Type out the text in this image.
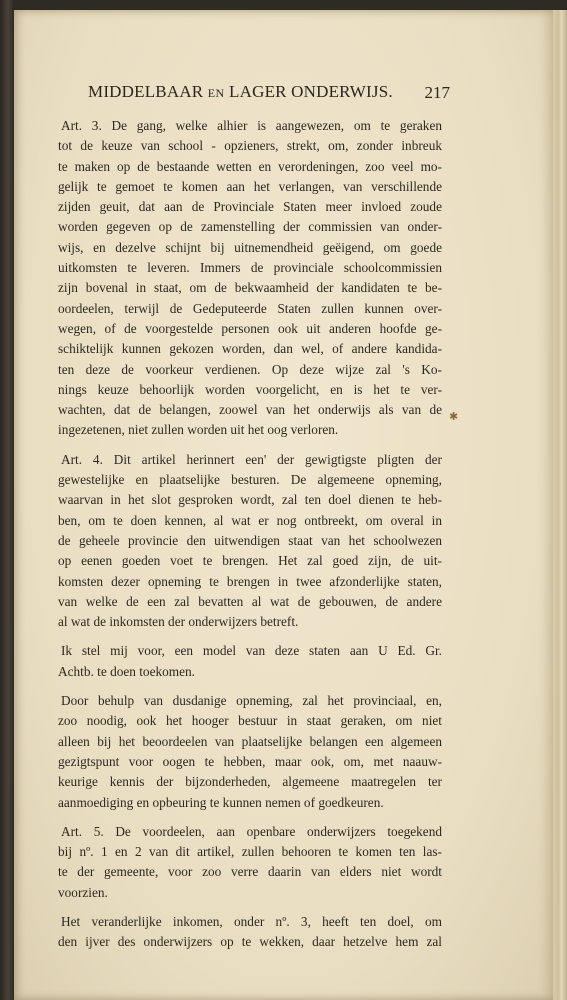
MIDDELBAAR EN LAGER ONDERWIJS. 217
✱
Art. 3. De gang, welke alhier is aangewezen, om te geraken
tot de keuze van school - opzieners, strekt, om, zonder inbreuk
te maken op de bestaande wetten en verordeningen, zoo veel mo-
gelijk te gemoet te komen aan het verlangen, van verschillende
zijden geuit, dat aan de Provinciale Staten meer invloed zoude
worden gegeven op de zamenstelling der commissien van onder-
wijs, en dezelve schijnt bij uitnemendheid geëigend, om goede
uitkomsten te leveren. Immers de provinciale schoolcommissien
zijn bovenal in staat, om de bekwaamheid der kandidaten te be-
oordeelen, terwijl de Gedeputeerde Staten zullen kunnen over-
wegen, of de voorgestelde personen ook uit anderen hoofde ge-
schiktelijk kunnen gekozen worden, dan wel, of andere kandida-
ten deze de voorkeur verdienen. Op deze wijze zal 's Ko-
nings keuze behoorlijk worden voorgelicht, en is het te ver-
wachten, dat de belangen, zoowel van het onderwijs als van de
ingezetenen, niet zullen worden uit het oog verloren.
Art. 4. Dit artikel herinnert een' der gewigtigste pligten der
gewestelijke en plaatselijke besturen. De algemeene opneming,
waarvan in het slot gesproken wordt, zal ten doel dienen te heb-
ben, om te doen kennen, al wat er nog ontbreekt, om overal in
de geheele provincie den uitwendigen staat van het schoolwezen
op eenen goeden voet te brengen. Het zal goed zijn, de uit-
komsten dezer opneming te brengen in twee afzonderlijke staten,
van welke de een zal bevatten al wat de gebouwen, de andere
al wat de inkomsten der onderwijzers betreft.
Ik stel mij voor, een model van deze staten aan U Ed. Gr.
Achtb. te doen toekomen.
Door behulp van dusdanige opneming, zal het provinciaal, en,
zoo noodig, ook het hooger bestuur in staat geraken, om niet
alleen bij het beoordeelen van plaatselijke belangen een algemeen
gezigtspunt voor oogen te hebben, maar ook, om, met naauw-
keurige kennis der bijzonderheden, algemeene maatregelen ter
aanmoediging en opbeuring te kunnen nemen of goedkeuren.
Art. 5. De voordeelen, aan openbare onderwijzers toegekend
bij nº. 1 en 2 van dit artikel, zullen behooren te komen ten las-
te der gemeente, voor zoo verre daarin van elders niet wordt
voorzien.
Het veranderlijke inkomen, onder nº. 3, heeft ten doel, om
den ijver des onderwijzers op te wekken, daar hetzelve hem zal
